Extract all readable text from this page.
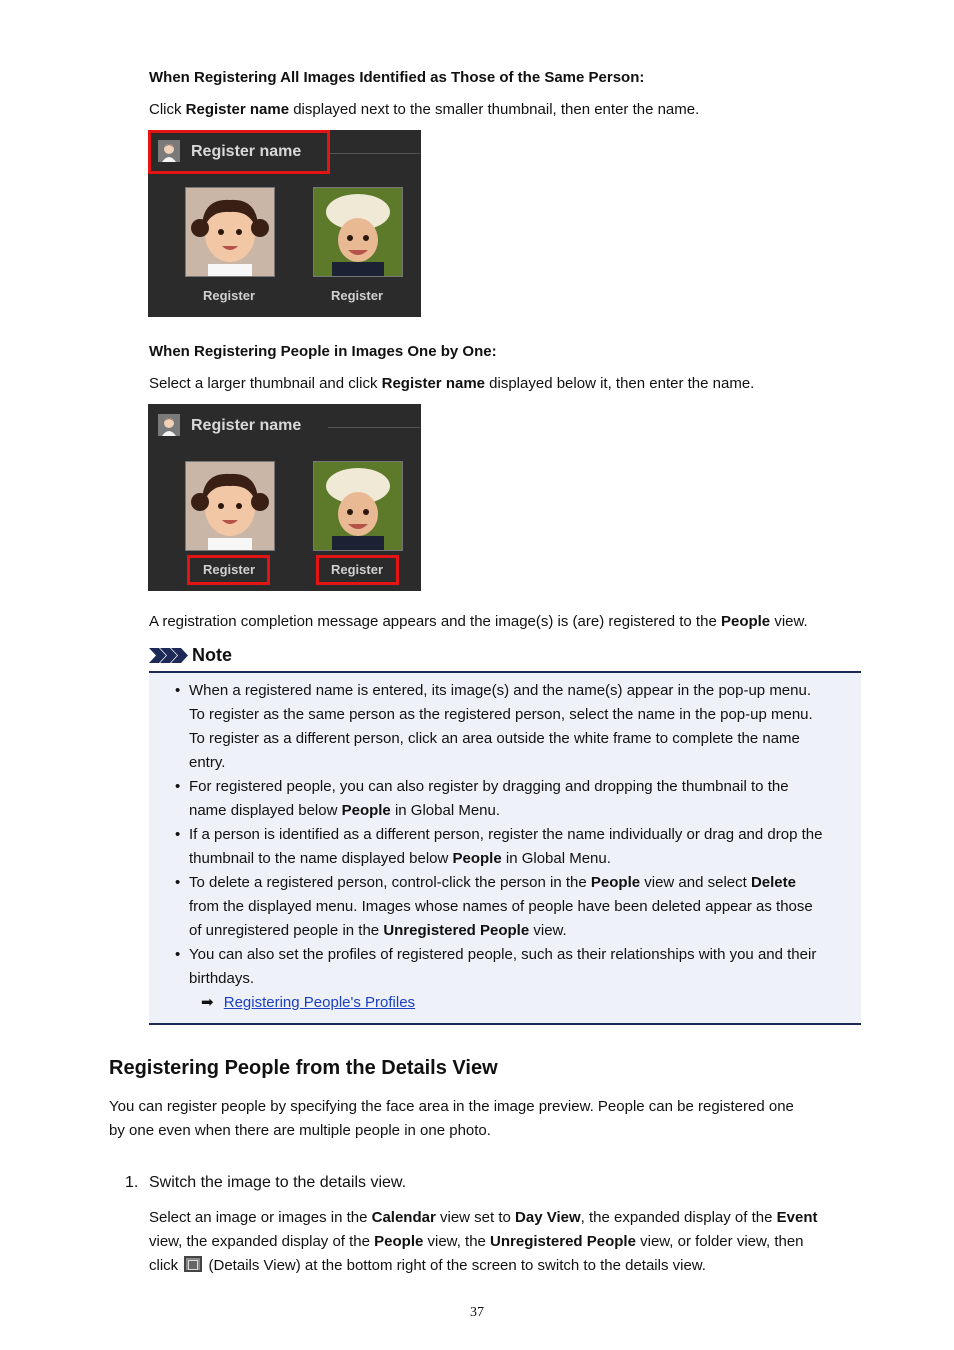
When Registering All Images Identified as Those of the Same Person:
Click Register name displayed next to the smaller thumbnail, then enter the name.
Register name
Register	Register
When Registering People in Images One by One:
Select a larger thumbnail and click Register name displayed below it, then enter the name.
Register name
Register	Register
A registration completion message appears and the image(s) is (are) registered to the People view.
Note
• When a registered name is entered, its image(s) and the name(s) appear in the pop-up menu.
To register as the same person as the registered person, select the name in the pop-up menu.
To register as a different person, click an area outside the white frame to complete the name
entry.
• For registered people, you can also register by dragging and dropping the thumbnail to the
name displayed below People in Global Menu.
• If a person is identified as a different person, register the name individually or drag and drop the
thumbnail to the name displayed below People in Global Menu.
• To delete a registered person, control-click the person in the People view and select Delete
from the displayed menu. Images whose names of people have been deleted appear as those
of unregistered people in the Unregistered People view.
• You can also set the profiles of registered people, such as their relationships with you and their
birthdays.
➡ Registering People's Profiles
Registering People from the Details View
You can register people by specifying the face area in the image preview. People can be registered one
by one even when there are multiple people in one photo.
1. Switch the image to the details view.
Select an image or images in the Calendar view set to Day View, the expanded display of the Event
view, the expanded display of the People view, the Unregistered People view, or folder view, then
click
(Details View) at the bottom right of the screen to switch to the details view.
37
